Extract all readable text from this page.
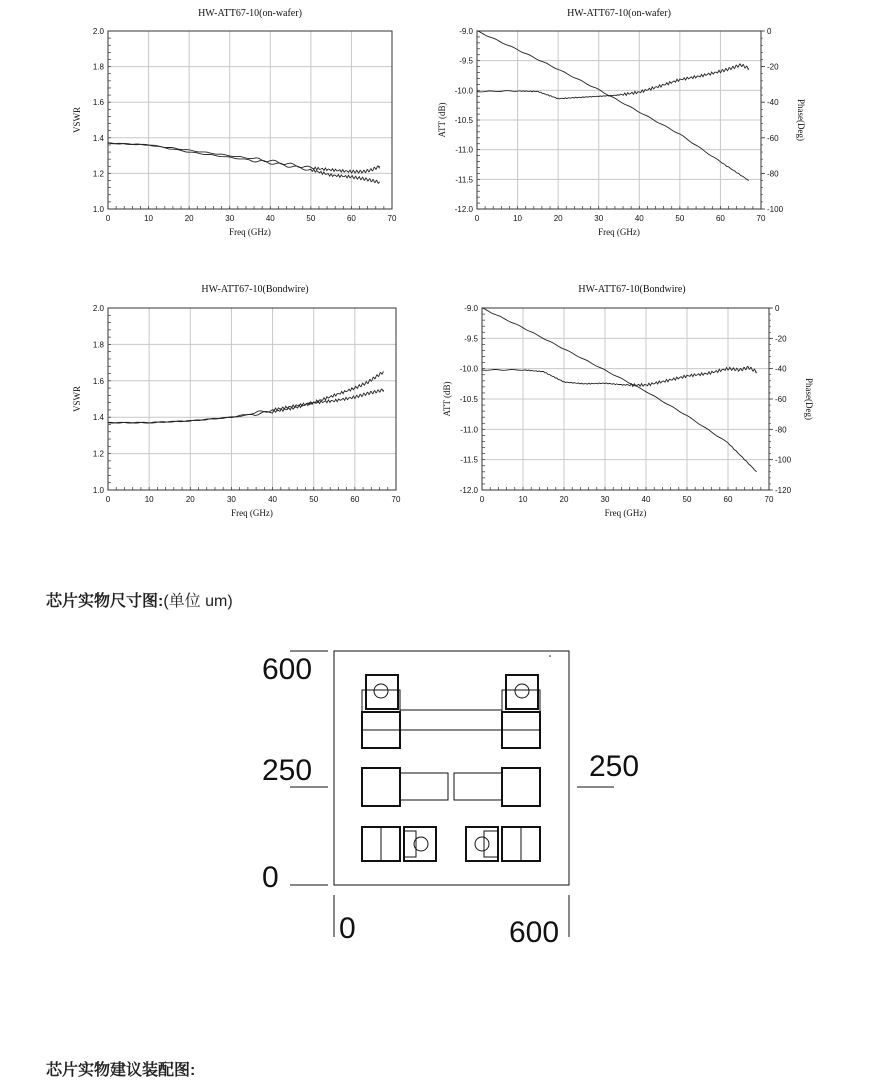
HW-ATT67-10(on-wafer)
0	10	20	30	40	50	60	70
1.0
1.2
1.4
1.6
1.8
2.0
Freq (GHz)
VSWR
HW-ATT67-10(on-wafer)
0	10	20	30	40	50	60	70
-9.0
-9.5
-10.0
-10.5
-11.0
-11.5
-12.0
0
-20
-40
-60
-80
-100
Phase(Deg)
Freq (GHz)
ATT (dB)
HW-ATT67-10(Bondwire)
0	10	20	30	40	50	60	70
1.0
1.2
1.4
1.6
1.8
2.0
Freq (GHz)
VSWR
HW-ATT67-10(Bondwire)
0	10	20	30	40	50	60	70
-9.0
-9.5
-10.0
-10.5
-11.0
-11.5
-12.0
0
-20
-40
-60
-80
-100
-120
Phase(Deg)
Freq (GHz)
ATT (dB)
芯片实物尺寸图:(单位 um)
600
250
0
250
0	600
芯片实物建议装配图:
